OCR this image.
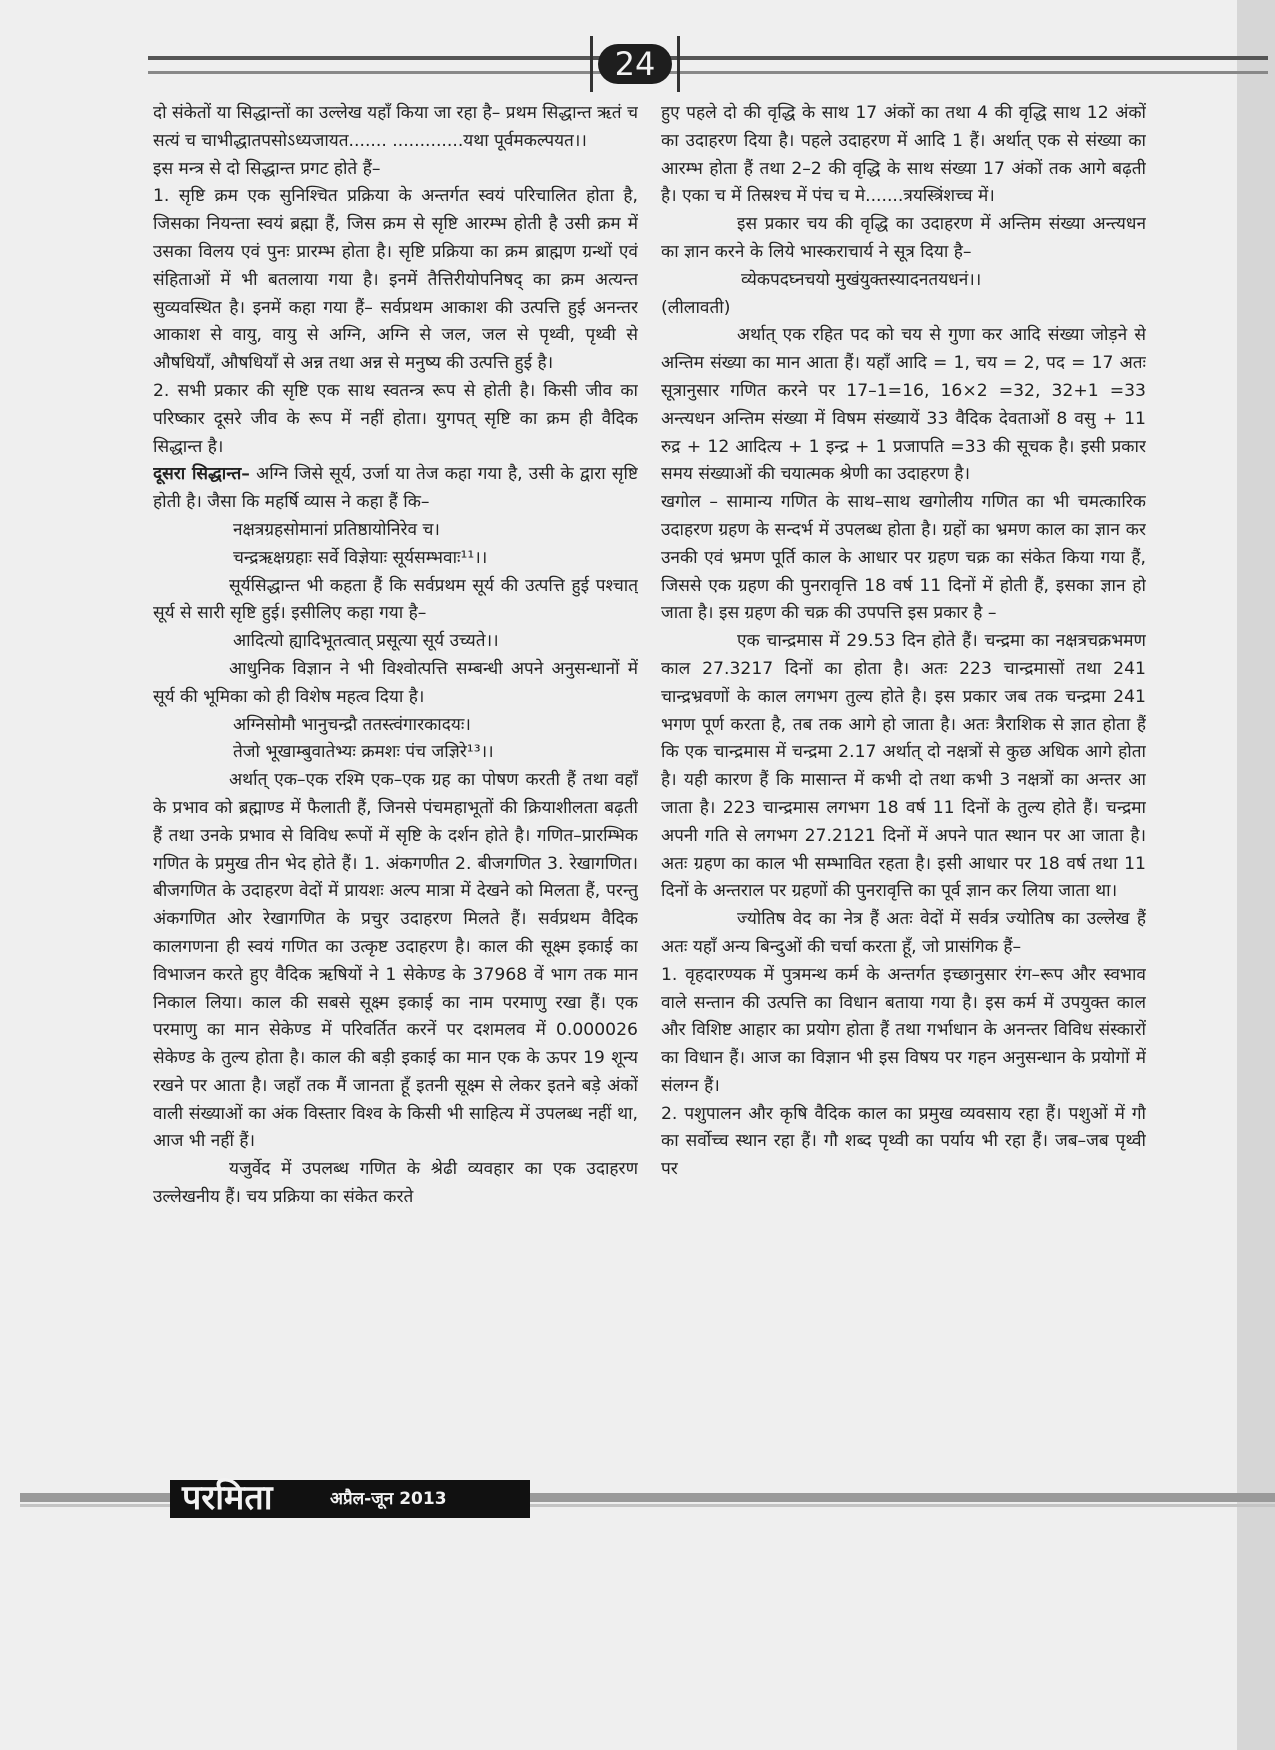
24

दो संकेतों या सिद्धान्तों का उल्लेख यहाँ किया जा रहा है– प्रथम सिद्धान्त ऋतं च सत्यं च चाभीद्धातपसोऽध्यजायत....... .............यथा पूर्वमकल्पयत।।

इस मन्त्र से दो सिद्धान्त प्रगट होते हैं–

1. सृष्टि क्रम एक सुनिश्चित प्रक्रिया के अन्तर्गत स्वयं परिचालित होता है, जिसका नियन्ता स्वयं ब्रह्मा हैं, जिस क्रम से सृष्टि आरम्भ होती है उसी क्रम में उसका विलय एवं पुनः प्रारम्भ होता है। सृष्टि प्रक्रिया का क्रम ब्राह्मण ग्रन्थों एवं संहिताओं में भी बतलाया गया है। इनमें तैत्तिरीयोपनिषद् का क्रम अत्यन्त सुव्यवस्थित है। इनमें कहा गया हैं– सर्वप्रथम आकाश की उत्पत्ति हुई अनन्तर आकाश से वायु, वायु से अग्नि, अग्नि से जल, जल से पृथ्वी, पृथ्वी से औषधियॉं, औषधियॉं से अन्न तथा अन्न से मनुष्य की उत्पत्ति हुई है।

2. सभी प्रकार की सृष्टि एक साथ स्वतन्त्र रूप से होती है। किसी जीव का परिष्कार दूसरे जीव के रूप में नहीं होता। युगपत् सृष्टि का क्रम ही वैदिक सिद्धान्त है।

दूसरा सिद्धान्त– अग्नि जिसे सूर्य, उर्जा या तेज कहा गया है, उसी के द्वारा सृष्टि होती है। जैसा कि महर्षि व्यास ने कहा हैं कि–

नक्षत्रग्रहसोमानां प्रतिष्ठायोनिरेव च।

चन्द्रऋक्षग्रहाः सर्वे विज्ञेयाः सूर्यसम्भवाः¹¹।।

सूर्यसिद्धान्त भी कहता हैं कि सर्वप्रथम सूर्य की उत्पत्ति हुई पश्चात् सूर्य से सारी सृष्टि हुई। इसीलिए कहा गया है–

आदित्यो ह्यादिभूतत्वात् प्रसूत्या सूर्य उच्यते।।

आधुनिक विज्ञान ने भी विश्वोत्पत्ति सम्बन्धी अपने अनुसन्धानों में सूर्य की भूमिका को ही विशेष महत्व दिया है।

अग्निसोमौ भानुचन्द्रौ ततस्त्वंगारकादयः।

तेजो भूखाम्बुवातेभ्यः क्रमशः पंच जज्ञिरे¹³।।

अर्थात् एक–एक रश्मि एक–एक ग्रह का पोषण करती हैं तथा वहाँ के प्रभाव को ब्रह्माण्ड में फैलाती हैं, जिनसे पंचमहाभूतों की क्रियाशीलता बढ़ती हैं तथा उनके प्रभाव से विविध रूपों में सृष्टि के दर्शन होते है। गणित–प्रारम्भिक गणित के प्रमुख तीन भेद होते हैं। 1. अंकगणीत 2. बीजगणित 3. रेखागणित। बीजगणित के उदाहरण वेदों में प्रायशः अल्प मात्रा में देखने को मिलता हैं, परन्तु अंकगणित ओर रेखागणित के प्रचुर उदाहरण मिलते हैं। सर्वप्रथम वैदिक कालगणना ही स्वयं गणित का उत्कृष्ट उदाहरण है। काल की सूक्ष्म इकाई का विभाजन करते हुए वैदिक ऋषियों ने 1 सेकेण्ड के 37968 वें भाग तक मान निकाल लिया। काल की सबसे सूक्ष्म इकाई का नाम परमाणु रखा हैं। एक परमाणु का मान सेकेण्ड में परिवर्तित करनें पर दशमलव में 0.000026 सेकेण्ड के तुल्य होता है। काल की बड़ी इकाई का मान एक के ऊपर 19 शून्य रखने पर आता है। जहाँ तक मैं जानता हूँ इतनी सूक्ष्म से लेकर इतने बड़े अंकों वाली संख्याओं का अंक विस्तार विश्व के किसी भी साहित्य में उपलब्ध नहीं था, आज भी नहीं हैं।

यजुर्वेद में उपलब्ध गणित के श्रेढी व्यवहार का एक उदाहरण उल्लेखनीय हैं। चय प्रक्रिया का संकेत करते

हुए पहले दो की वृद्धि के साथ 17 अंकों का तथा 4 की वृद्धि साथ 12 अंकों का उदाहरण दिया है। पहले उदाहरण में आदि 1 हैं। अर्थात् एक से संख्या का आरम्भ होता हैं तथा 2–2 की वृद्धि के साथ संख्या 17 अंकों तक आगे बढ़ती है। एका च में तिस्रश्च में पंच च मे.......त्रयस्त्रिंशच्च में।

इस प्रकार चय की वृद्धि का उदाहरण में अन्तिम संख्या अन्त्यधन का ज्ञान करने के लिये भास्कराचार्य ने सूत्र दिया है–

व्येकपदघ्नचयो मुखंयुक्तस्यादनतयधनं।।

(लीलावती)

अर्थात् एक रहित पद को चय से गुणा कर आदि संख्या जोड़ने से अन्तिम संख्या का मान आता हैं। यहाँ आदि = 1, चय = 2, पद = 17 अतः सूत्रानुसार गणित करने पर 17–1=16, 16×2 =32, 32+1 =33 अन्त्यधन अन्तिम संख्या में विषम संख्यायें 33 वैदिक देवताओं 8 वसु + 11 रुद्र + 12 आदित्य + 1 इन्द्र + 1 प्रजापति =33 की सूचक है। इसी प्रकार समय संख्याओं की चयात्मक श्रेणी का उदाहरण है।

खगोल – सामान्य गणित के साथ–साथ खगोलीय गणित का भी चमत्कारिक उदाहरण ग्रहण के सन्दर्भ में उपलब्ध होता है। ग्रहों का भ्रमण काल का ज्ञान कर उनकी एवं भ्रमण पूर्ति काल के आधार पर ग्रहण चक्र का संकेत किया गया हैं, जिससे एक ग्रहण की पुनरावृत्ति 18 वर्ष 11 दिनों में होती हैं, इसका ज्ञान हो जाता है। इस ग्रहण की चक्र की उपपत्ति इस प्रकार है –

एक चान्द्रमास में 29.53 दिन होते हैं। चन्द्रमा का नक्षत्रचक्रभमण काल 27.3217 दिनों का होता है। अतः 223 चान्द्रमासों तथा 241 चान्द्रभ्रवणों के काल लगभग तुल्य होते है। इस प्रकार जब तक चन्द्रमा 241 भगण पूर्ण करता है, तब तक आगे हो जाता है। अतः त्रैराशिक से ज्ञात होता हैं कि एक चान्द्रमास में चन्द्रमा 2.17 अर्थात् दो नक्षत्रों से कुछ अधिक आगे होता है। यही कारण हैं कि मासान्त में कभी दो तथा कभी 3 नक्षत्रों का अन्तर आ जाता है। 223 चान्द्रमास लगभग 18 वर्ष 11 दिनों के तुल्य होते हैं। चन्द्रमा अपनी गति से लगभग 27.2121 दिनों में अपने पात स्थान पर आ जाता है। अतः ग्रहण का काल भी सम्भावित रहता है। इसी आधार पर 18 वर्ष तथा 11 दिनों के अन्तराल पर ग्रहणों की पुनरावृत्ति का पूर्व ज्ञान कर लिया जाता था।

ज्योतिष वेद का नेत्र हैं अतः वेदों में सर्वत्र ज्योतिष का उल्लेख हैं अतः यहाँ अन्य बिन्दुओं की चर्चा करता हूँ, जो प्रासंगिक हैं–

1. वृहदारण्यक में पुत्रमन्थ कर्म के अन्तर्गत इच्छानुसार रंग–रूप और स्वभाव वाले सन्तान की उत्पत्ति का विधान बताया गया है। इस कर्म में उपयुक्त काल और विशिष्ट आहार का प्रयोग होता हैं तथा गर्भाधान के अनन्तर विविध संस्कारों का विधान हैं। आज का विज्ञान भी इस विषय पर गहन अनुसन्धान के प्रयोगों में संलग्न हैं।

2. पशुपालन और कृषि वैदिक काल का प्रमुख व्यवसाय रहा हैं। पशुओं में गौ का सर्वोच्च स्थान रहा हैं। गौ शब्द पृथ्वी का पर्याय भी रहा हैं। जब–जब पृथ्वी पर

परमिता	अप्रैल-जून 2013
